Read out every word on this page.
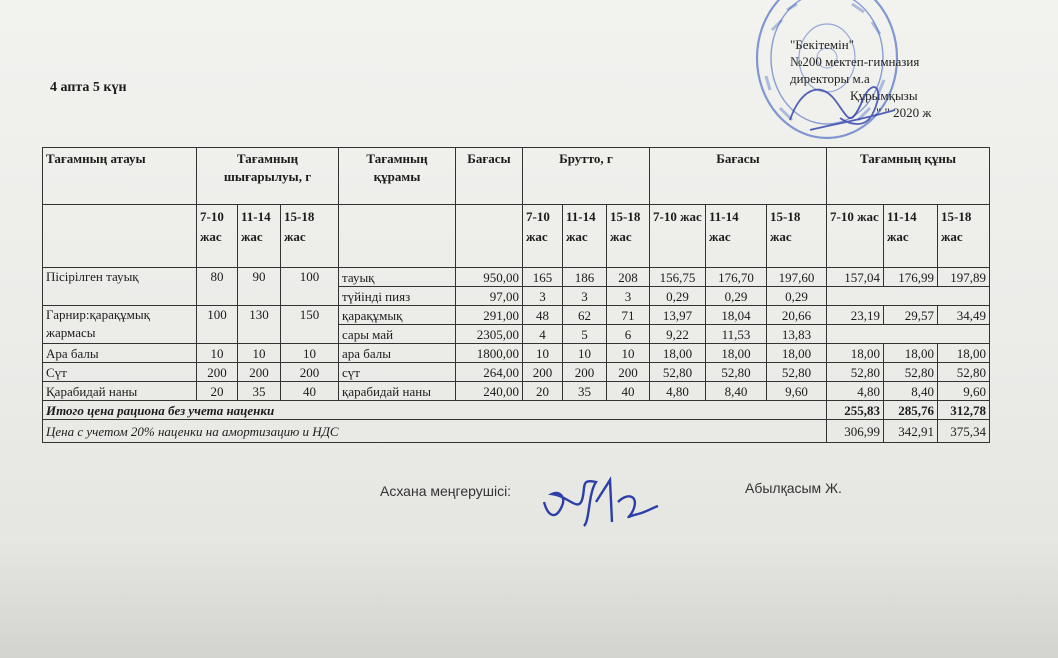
"Бекітемін"
№200 мектеп-гимназия
директоры м.а
Құрымқызы
" " 2020 ж
4 апта 5 күн
Тағамның атауы	Тағамның шығарылуы, г			Тағамның құрамы	Бағасы	Брутто, г			Бағасы			Тағамның құны		
	7-10 жас	11-14 жас	15-18 жас			7-10 жас	11-14 жас	15-18 жас	7-10 жас	11-14 жас	15-18 жас	7-10 жас	11-14 жас	15-18 жас
Пісірілген тауық	80	90	100	тауық	950,00	165	186	208	156,75	176,70	197,60	157,04	176,99	197,89
				түйінді пияз	97,00	3	3	3	0,29	0,29	0,29			
Гарнир:қарақұмық жармасы	100	130	150	қарақұмық	291,00	48	62	71	13,97	18,04	20,66	23,19	29,57	34,49
				сары май	2305,00	4	5	6	9,22	11,53	13,83			
Ара балы	10	10	10	ара балы	1800,00	10	10	10	18,00	18,00	18,00	18,00	18,00	18,00
Сүт	200	200	200	сүт	264,00	200	200	200	52,80	52,80	52,80	52,80	52,80	52,80
Қарабидай наны	20	35	40	қарабидай наны	240,00	20	35	40	4,80	8,40	9,60	4,80	8,40	9,60
Итого цена рациона без учета наценки												255,83	285,76	312,78
Цена с учетом 20% наценки на амортизацию и НДС												306,99	342,91	375,34
Асхана меңгерушісі:	Абылқасым Ж.
